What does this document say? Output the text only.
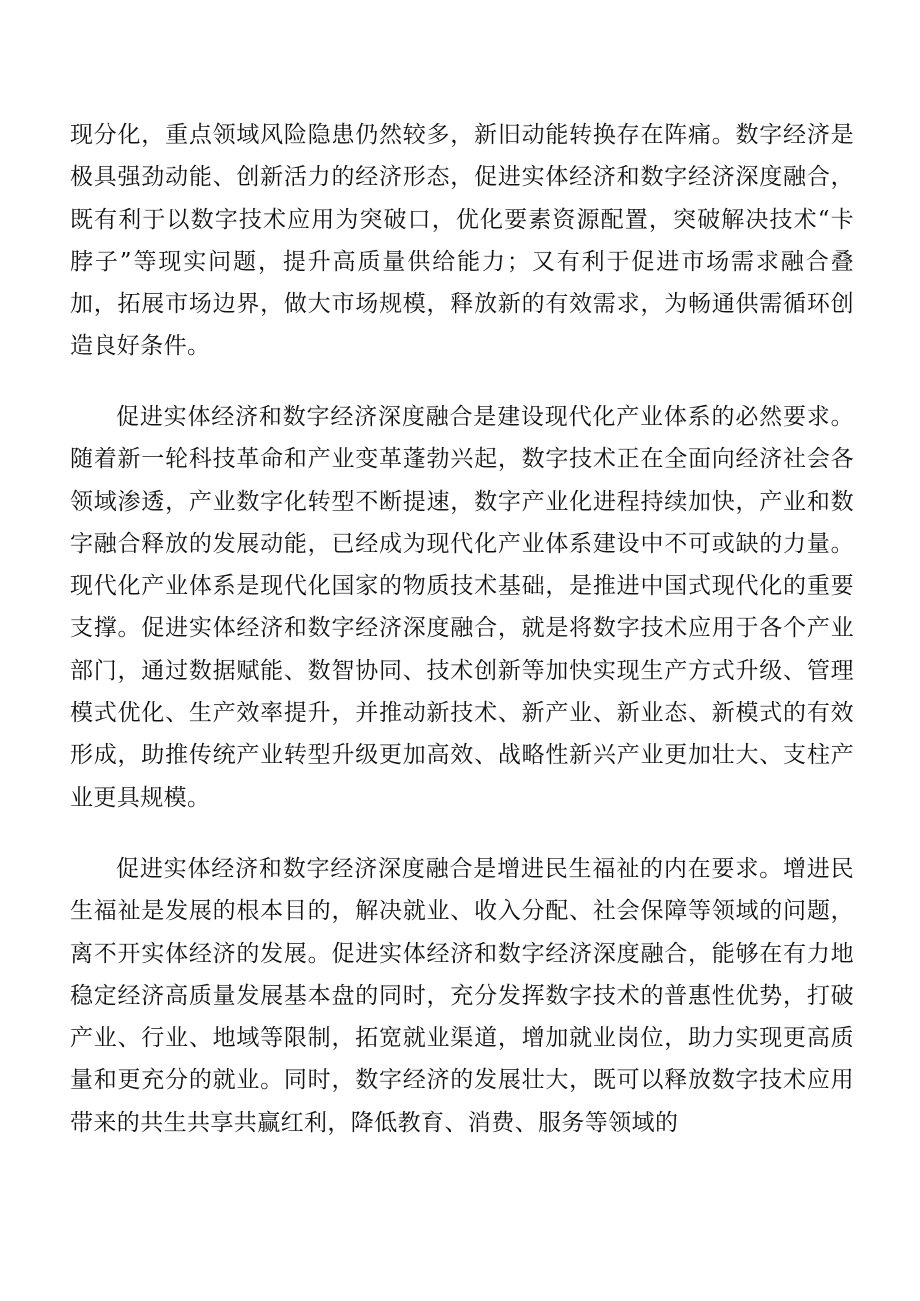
现分化，重点领域风险隐患仍然较多，新旧动能转换存在阵痛。数字经济是极具强劲动能、创新活力的经济形态，促进实体经济和数字经济深度融合，既有利于以数字技术应用为突破口，优化要素资源配置，突破解决技术“卡脖子”等现实问题，提升高质量供给能力；又有利于促进市场需求融合叠加，拓展市场边界，做大市场规模，释放新的有效需求，为畅通供需循环创造良好条件。

促进实体经济和数字经济深度融合是建设现代化产业体系的必然要求。随着新一轮科技革命和产业变革蓬勃兴起，数字技术正在全面向经济社会各领域渗透，产业数字化转型不断提速，数字产业化进程持续加快，产业和数字融合释放的发展动能，已经成为现代化产业体系建设中不可或缺的力量。现代化产业体系是现代化国家的物质技术基础，是推进中国式现代化的重要支撑。促进实体经济和数字经济深度融合，就是将数字技术应用于各个产业部门，通过数据赋能、数智协同、技术创新等加快实现生产方式升级、管理模式优化、生产效率提升，并推动新技术、新产业、新业态、新模式的有效形成，助推传统产业转型升级更加高效、战略性新兴产业更加壮大、支柱产业更具规模。

促进实体经济和数字经济深度融合是增进民生福祉的内在要求。增进民生福祉是发展的根本目的，解决就业、收入分配、社会保障等领域的问题，离不开实体经济的发展。促进实体经济和数字经济深度融合，能够在有力地稳定经济高质量发展基本盘的同时，充分发挥数字技术的普惠性优势，打破产业、行业、地域等限制，拓宽就业渠道，增加就业岗位，助力实现更高质量和更充分的就业。同时，数字经济的发展壮大，既可以释放数字技术应用带来的共生共享共赢红利，降低教育、消费、服务等领域的
